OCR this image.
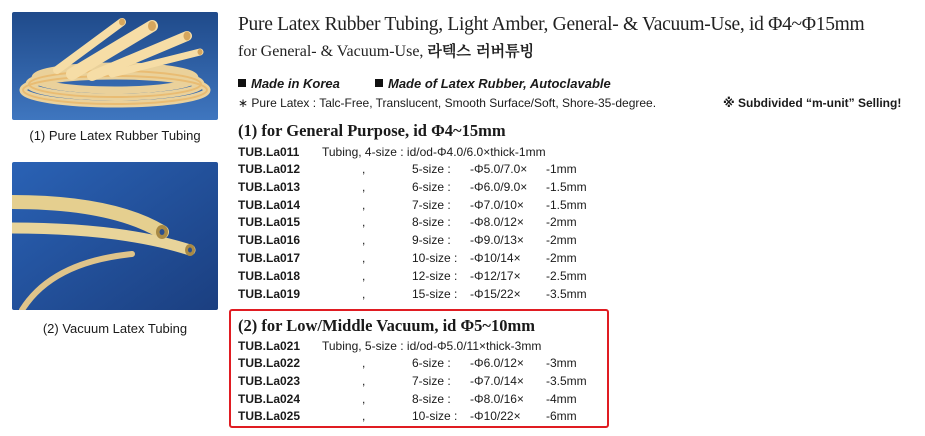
(1) Pure Latex Rubber Tubing
(2) Vacuum Latex Tubing
Pure Latex Rubber Tubing, Light Amber, General- & Vacuum-Use, id Φ4~Φ15mm
for General- & Vacuum-Use, 라텍스 러버튜빙
Made in Korea	Made of Latex Rubber, Autoclavable
∗ Pure Latex : Talc-Free, Translucent, Smooth Surface/Soft, Shore-35-degree.	※ Subdivided “m-unit” Selling!
(1) for General Purpose, id Φ4~15mm
TUB.La011 Tubing, 4-size : id/od-Φ4.0/6.0×thick-1mm
TUB.La012	,	5-size : -Φ5.0/7.0× -1mm
TUB.La013	,	6-size : -Φ6.0/9.0× -1.5mm
TUB.La014	,	7-size : -Φ7.0/10× -1.5mm
TUB.La015	,	8-size : -Φ8.0/12× -2mm
TUB.La016	,	9-size : -Φ9.0/13× -2mm
TUB.La017	,	10-size : -Φ10/14× -2mm
TUB.La018	,	12-size : -Φ12/17× -2.5mm
TUB.La019	,	15-size : -Φ15/22× -3.5mm
(2) for Low/Middle Vacuum, id Φ5~10mm
TUB.La021 Tubing, 5-size : id/od-Φ5.0/11×thick-3mm
TUB.La022	,	6-size : -Φ6.0/12× -3mm
TUB.La023	,	7-size : -Φ7.0/14× -3.5mm
TUB.La024	,	8-size : -Φ8.0/16× -4mm
TUB.La025	,	10-size : -Φ10/22× -6mm
